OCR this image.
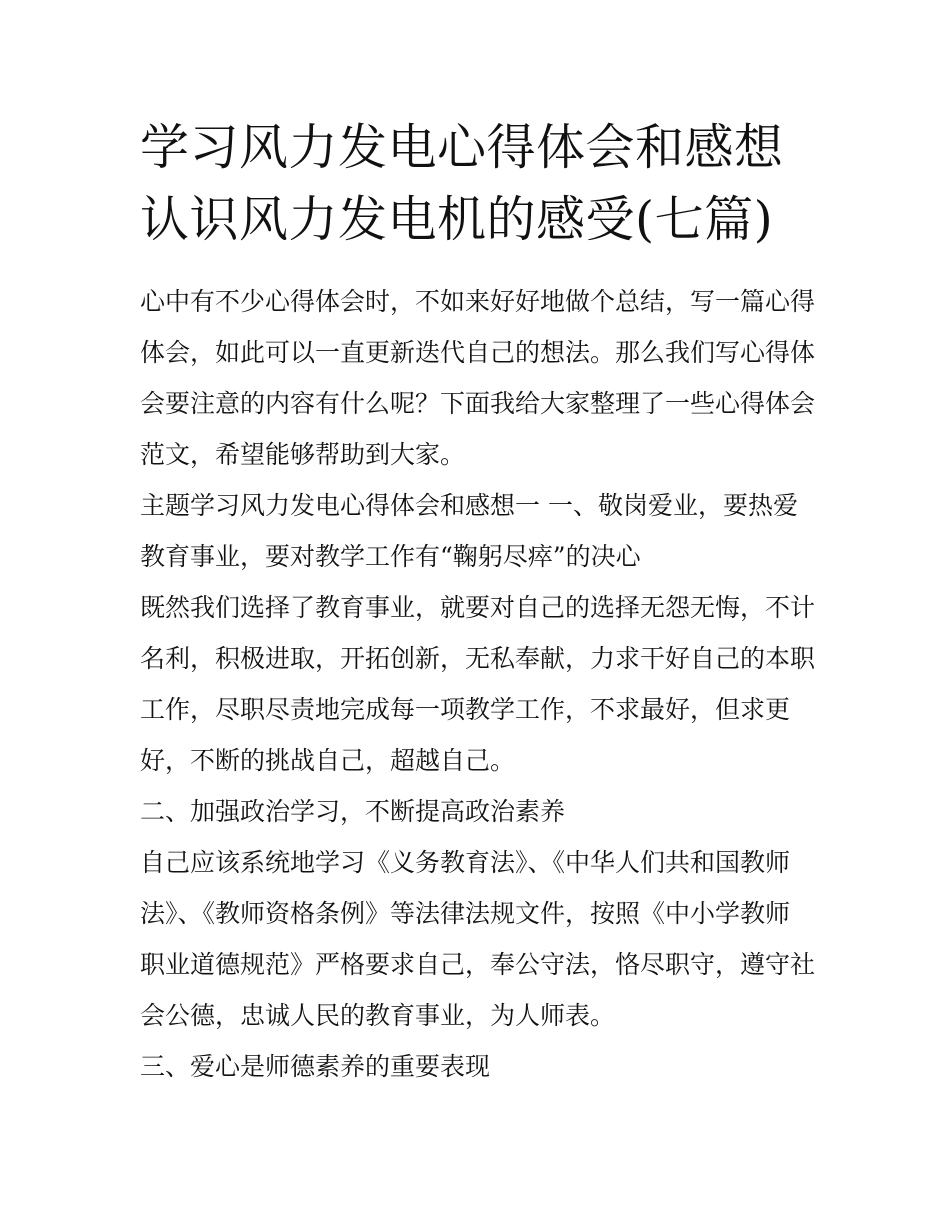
学习风力发电心得体会和感想
认识风力发电机的感受(七篇)
心中有不少心得体会时，不如来好好地做个总结，写一篇心得
体会，如此可以一直更新迭代自己的想法。那么我们写心得体
会要注意的内容有什么呢？下面我给大家整理了一些心得体会
范文，希望能够帮助到大家。
主题学习风力发电心得体会和感想一 一、敬岗爱业，要热爱
教育事业，要对教学工作有“鞠躬尽瘁”的决心
既然我们选择了教育事业，就要对自己的选择无怨无悔，不计
名利，积极进取，开拓创新，无私奉献，力求干好自己的本职
工作，尽职尽责地完成每一项教学工作，不求最好，但求更
好，不断的挑战自己，超越自己。
二、加强政治学习，不断提高政治素养
自己应该系统地学习《义务教育法》、《中华人们共和国教师
法》、《教师资格条例》等法律法规文件，按照《中小学教师
职业道德规范》严格要求自己，奉公守法，恪尽职守，遵守社
会公德，忠诚人民的教育事业，为人师表。
三、爱心是师德素养的重要表现
